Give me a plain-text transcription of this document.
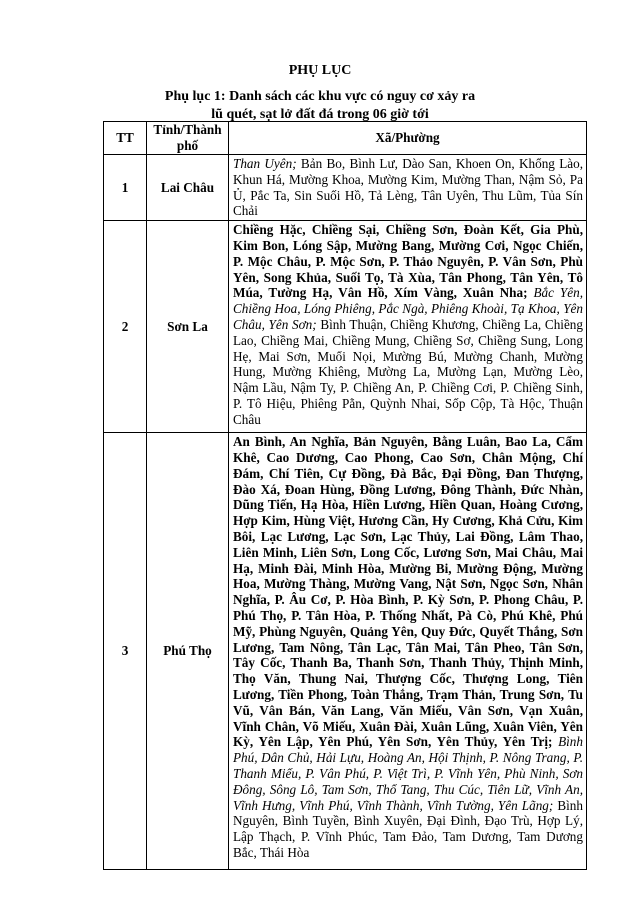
PHỤ LỤC
Phụ lục 1: Danh sách các khu vực có nguy cơ xảy ra
lũ quét, sạt lở đất đá trong 06 giờ tới
TT	Tỉnh/Thành phố	Xã/Phường
1	Lai Châu	Than Uyên; Bản Bo, Bình Lư, Dào San, Khoen On, Khổng Lào, Khun Há, Mường Khoa, Mường Kim, Mường Than, Nậm Sỏ, Pa Ủ, Pắc Ta, Sin Suối Hồ, Tả Lèng, Tân Uyên, Thu Lũm, Tủa Sín Chải
2	Sơn La	Chiềng Hặc, Chiềng Sại, Chiềng Sơn, Đoàn Kết, Gia Phù, Kim Bon, Lóng Sập, Mường Bang, Mường Cơi, Ngọc Chiến, P. Mộc Châu, P. Mộc Sơn, P. Thảo Nguyên, P. Vân Sơn, Phù Yên, Song Khủa, Suối Tọ, Tà Xùa, Tân Phong, Tân Yên, Tô Múa, Tường Hạ, Vân Hồ, Xím Vàng, Xuân Nha; Bắc Yên, Chiềng Hoa, Lóng Phiêng, Pắc Ngà, Phiêng Khoài, Tạ Khoa, Yên Châu, Yên Sơn; Bình Thuận, Chiềng Khương, Chiềng La, Chiềng Lao, Chiềng Mai, Chiềng Mung, Chiềng Sơ, Chiềng Sung, Long Hẹ, Mai Sơn, Muổi Nọi, Mường Bú, Mường Chanh, Mường Hung, Mường Khiêng, Mường La, Mường Lạn, Mường Lèo, Nậm Lầu, Nậm Ty, P. Chiềng An, P. Chiềng Cơi, P. Chiềng Sinh, P. Tô Hiệu, Phiêng Pằn, Quỳnh Nhai, Sốp Cộp, Tà Hộc, Thuận Châu
3	Phú Thọ	An Bình, An Nghĩa, Bản Nguyên, Bằng Luân, Bao La, Cẩm Khê, Cao Dương, Cao Phong, Cao Sơn, Chân Mộng, Chí Đám, Chí Tiên, Cự Đồng, Đà Bắc, Đại Đồng, Đan Thượng, Đào Xá, Đoan Hùng, Đồng Lương, Đông Thành, Đức Nhàn, Dũng Tiến, Hạ Hòa, Hiền Lương, Hiền Quan, Hoàng Cương, Hợp Kim, Hùng Việt, Hương Cần, Hy Cương, Khả Cửu, Kim Bôi, Lạc Lương, Lạc Sơn, Lạc Thủy, Lai Đồng, Lâm Thao, Liên Minh, Liên Sơn, Long Cốc, Lương Sơn, Mai Châu, Mai Hạ, Minh Đài, Minh Hòa, Mường Bi, Mường Động, Mường Hoa, Mường Thàng, Mường Vang, Nật Sơn, Ngọc Sơn, Nhân Nghĩa, P. Âu Cơ, P. Hòa Bình, P. Kỳ Sơn, P. Phong Châu, P. Phú Thọ, P. Tân Hòa, P. Thống Nhất, Pà Cò, Phú Khê, Phú Mỹ, Phùng Nguyên, Quảng Yên, Quy Đức, Quyết Thắng, Sơn Lương, Tam Nông, Tân Lạc, Tân Mai, Tân Pheo, Tân Sơn, Tây Cốc, Thanh Ba, Thanh Sơn, Thanh Thủy, Thịnh Minh, Thọ Văn, Thung Nai, Thượng Cốc, Thượng Long, Tiên Lương, Tiền Phong, Toàn Thắng, Trạm Thản, Trung Sơn, Tu Vũ, Vân Bán, Văn Lang, Văn Miếu, Vân Sơn, Vạn Xuân, Vĩnh Chân, Võ Miếu, Xuân Đài, Xuân Lũng, Xuân Viên, Yên Kỳ, Yên Lập, Yên Phú, Yên Sơn, Yên Thủy, Yên Trị; Bình Phú, Dân Chủ, Hải Lựu, Hoàng An, Hội Thịnh, P. Nông Trang, P. Thanh Miếu, P. Vân Phú, P. Việt Trì, P. Vĩnh Yên, Phù Ninh, Sơn Đông, Sông Lô, Tam Sơn, Thổ Tang, Thu Cúc, Tiên Lữ, Vĩnh An, Vĩnh Hưng, Vĩnh Phú, Vĩnh Thành, Vĩnh Tường, Yên Lãng; Bình Nguyên, Bình Tuyền, Bình Xuyên, Đại Đình, Đạo Trù, Hợp Lý, Lập Thạch, P. Vĩnh Phúc, Tam Đảo, Tam Dương, Tam Dương Bắc, Thái Hòa
